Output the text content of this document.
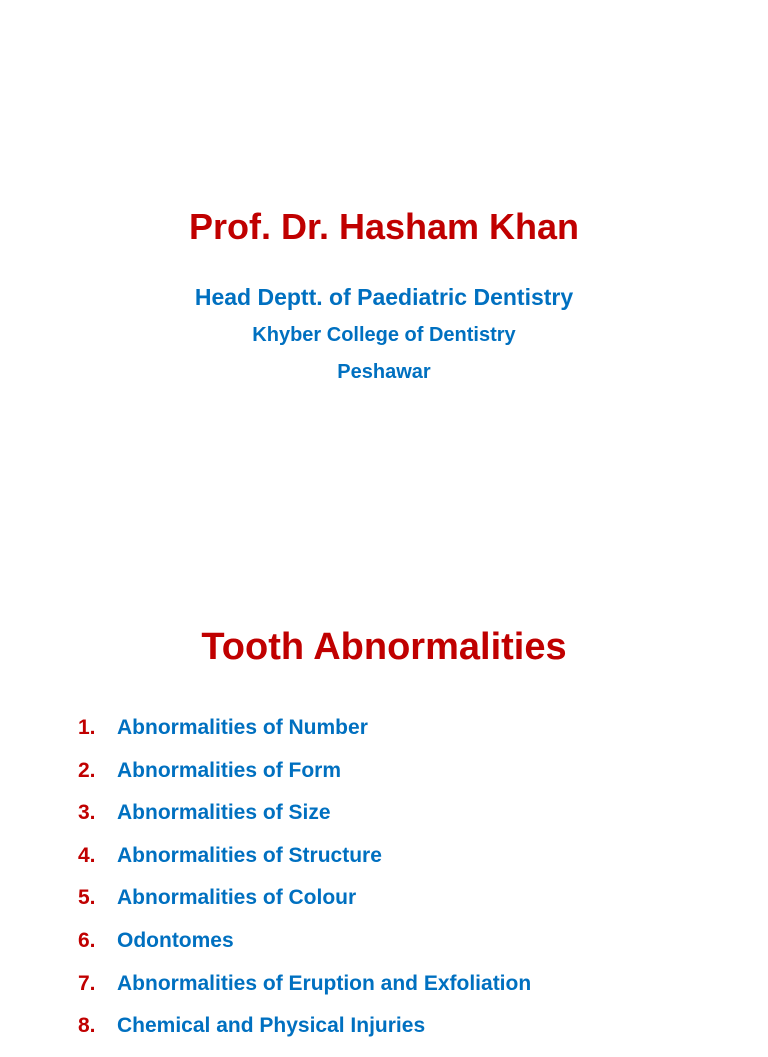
Prof. Dr. Hasham Khan
Head Deptt. of Paediatric Dentistry
Khyber College of Dentistry
Peshawar
Tooth Abnormalities
1.	Abnormalities of Number
2.	Abnormalities of Form
3.	Abnormalities of Size
4.	Abnormalities of Structure
5.	Abnormalities of Colour
6.	Odontomes
7.	Abnormalities of Eruption and Exfoliation
8.	Chemical and Physical Injuries
